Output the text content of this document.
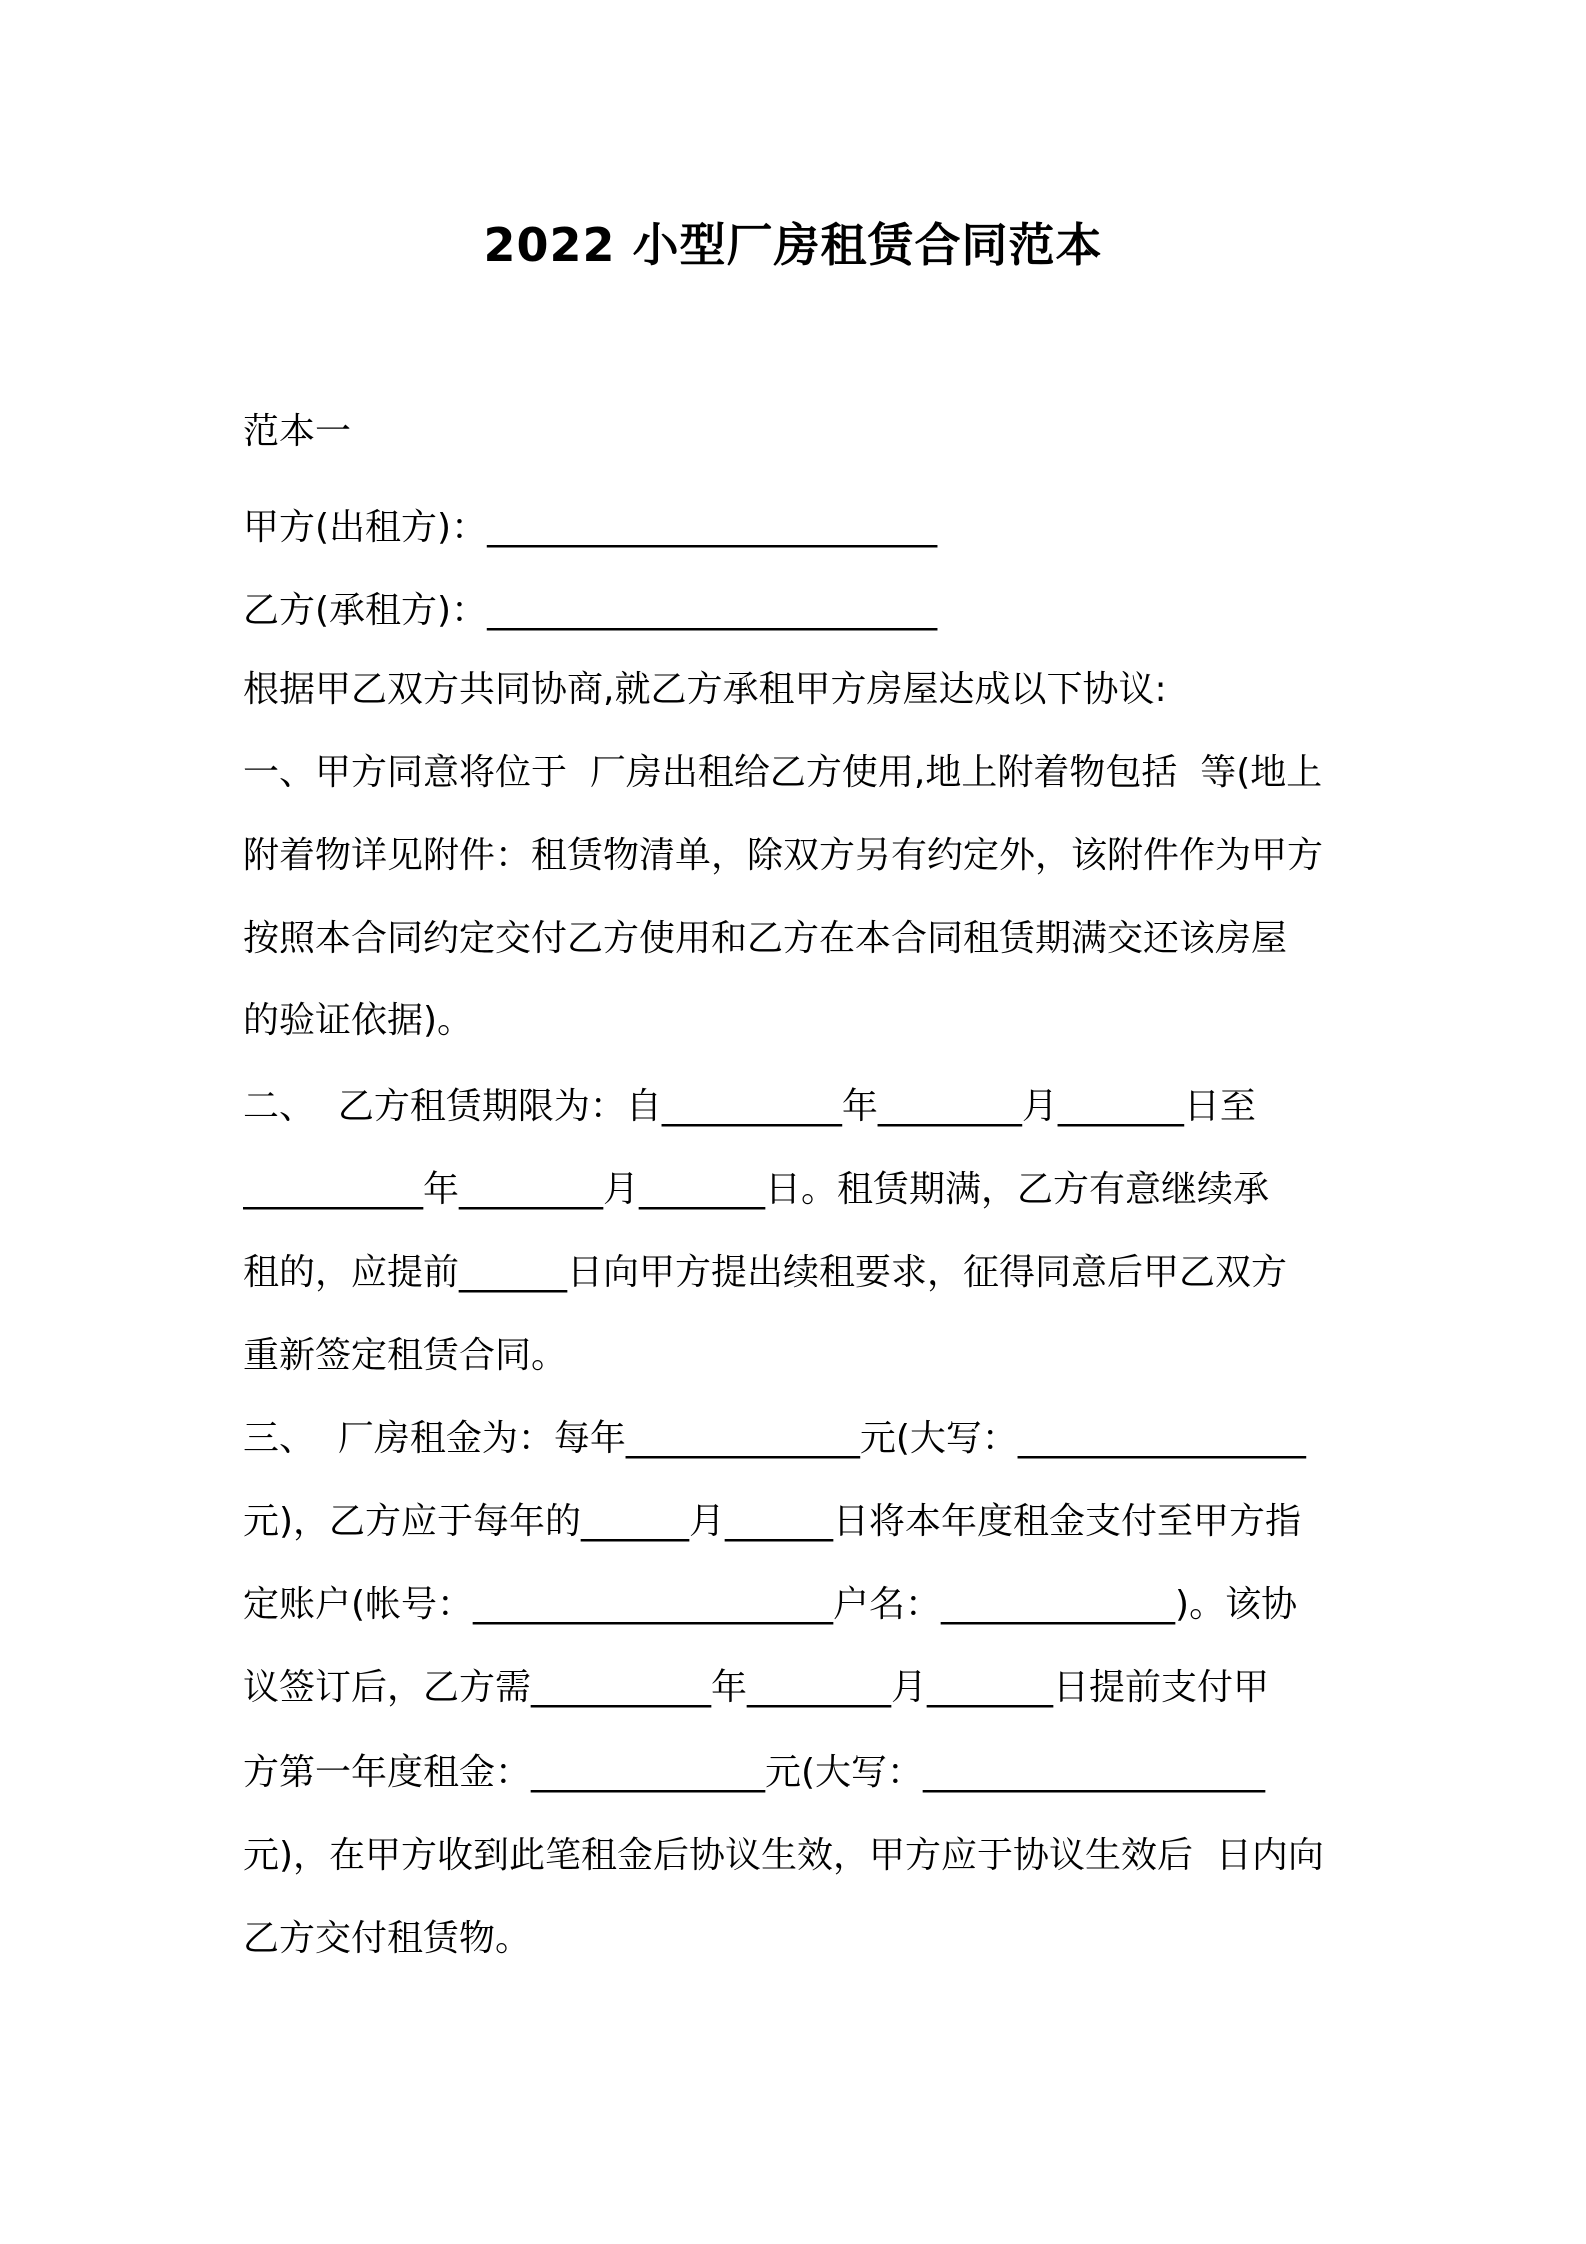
2022 小型厂房租赁合同范本
范本一
甲方(出租方)：_________________________
乙方(承租方)：_________________________
根据甲乙双方共同协商,就乙方承租甲方房屋达成以下协议:
一、甲方同意将位于  厂房出租给乙方使用,地上附着物包括  等(地上
附着物详见附件：租赁物清单，除双方另有约定外，该附件作为甲方
按照本合同约定交付乙方使用和乙方在本合同租赁期满交还该房屋
的验证依据)。
二、  乙方租赁期限为：自__________年________月_______日至
__________年________月_______日。租赁期满，乙方有意继续承
租的，应提前______日向甲方提出续租要求，征得同意后甲乙双方
重新签定租赁合同。
三、  厂房租金为：每年_____________元(大写：________________
元)，乙方应于每年的______月______日将本年度租金支付至甲方指
定账户(帐号：____________________户名：_____________)。该协
议签订后，乙方需__________年________月_______日提前支付甲
方第一年度租金：_____________元(大写：___________________
元)，在甲方收到此笔租金后协议生效，甲方应于协议生效后  日内向
乙方交付租赁物。
